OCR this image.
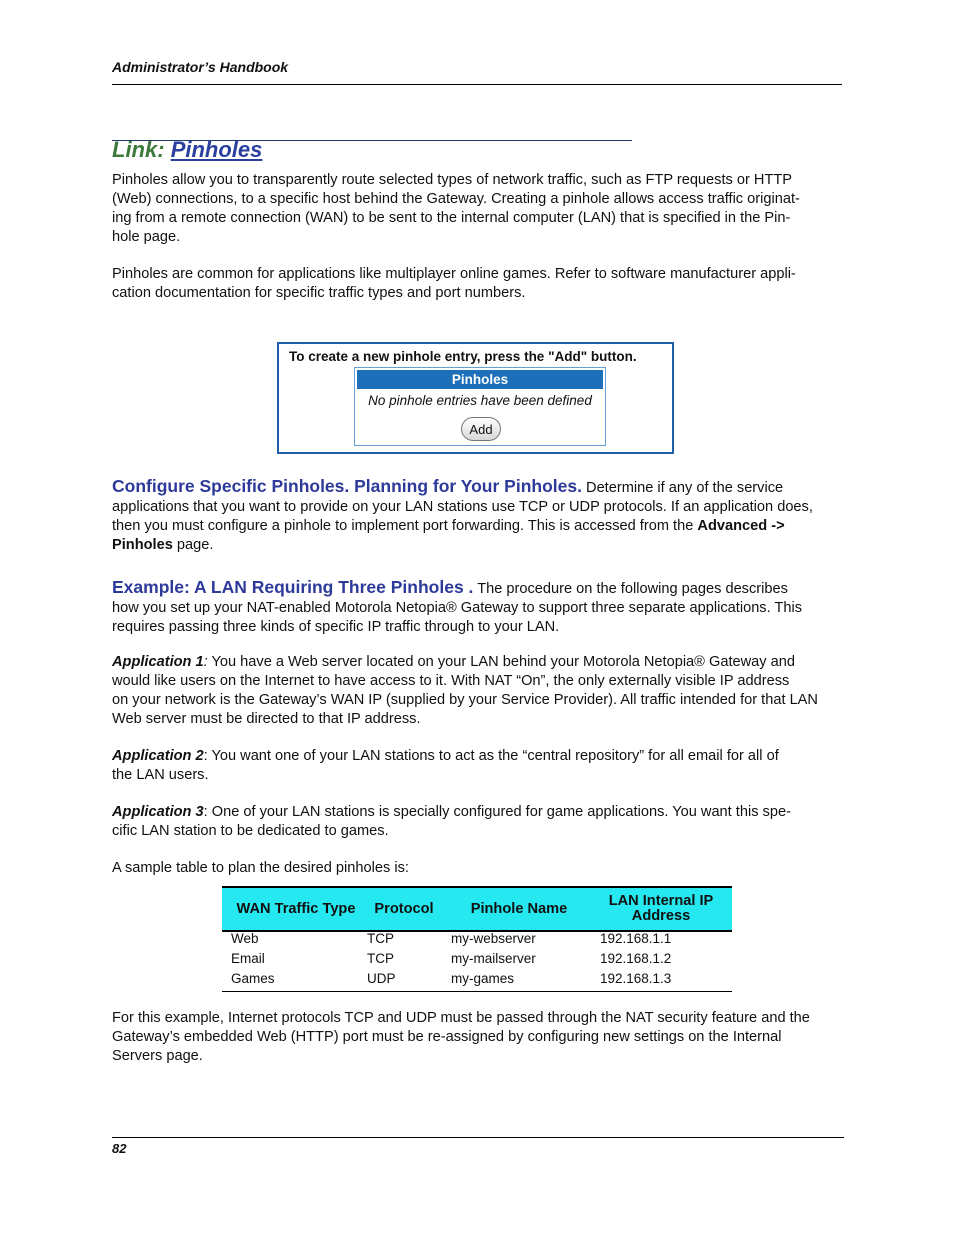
Administrator’s Handbook
Link: Pinholes
Pinholes allow you to transparently route selected types of network traffic, such as FTP requests or HTTP
(Web) connections, to a specific host behind the Gateway. Creating a pinhole allows access traffic originat-
ing from a remote connection (WAN) to be sent to the internal computer (LAN) that is specified in the Pin-
hole page.
Pinholes are common for applications like multiplayer online games. Refer to software manufacturer appli-
cation documentation for specific traffic types and port numbers.
To create a new pinhole entry, press the "Add" button.
Pinholes
No pinhole entries have been defined
Add
Configure Specific Pinholes. Planning for Your Pinholes. Determine if any of the service
applications that you want to provide on your LAN stations use TCP or UDP protocols. If an application does,
then you must configure a pinhole to implement port forwarding. This is accessed from the Advanced ->
Pinholes page.
Example: A LAN Requiring Three Pinholes . The procedure on the following pages describes
how you set up your NAT-enabled Motorola Netopia® Gateway to support three separate applications. This
requires passing three kinds of specific IP traffic through to your LAN.
Application 1: You have a Web server located on your LAN behind your Motorola Netopia® Gateway and
would like users on the Internet to have access to it. With NAT “On”, the only externally visible IP address
on your network is the Gateway’s WAN IP (supplied by your Service Provider). All traffic intended for that LAN
Web server must be directed to that IP address.
Application 2: You want one of your LAN stations to act as the “central repository” for all email for all of
the LAN users.
Application 3: One of your LAN stations is specially configured for game applications. You want this spe-
cific LAN station to be dedicated to games.
A sample table to plan the desired pinholes is:
WAN Traffic Type	Protocol	Pinhole Name	LAN Internal IP Address
Web	TCP	my-webserver	192.168.1.1
Email	TCP	my-mailserver	192.168.1.2
Games	UDP	my-games	192.168.1.3
For this example, Internet protocols TCP and UDP must be passed through the NAT security feature and the
Gateway’s embedded Web (HTTP) port must be re-assigned by configuring new settings on the Internal
Servers page.
82
